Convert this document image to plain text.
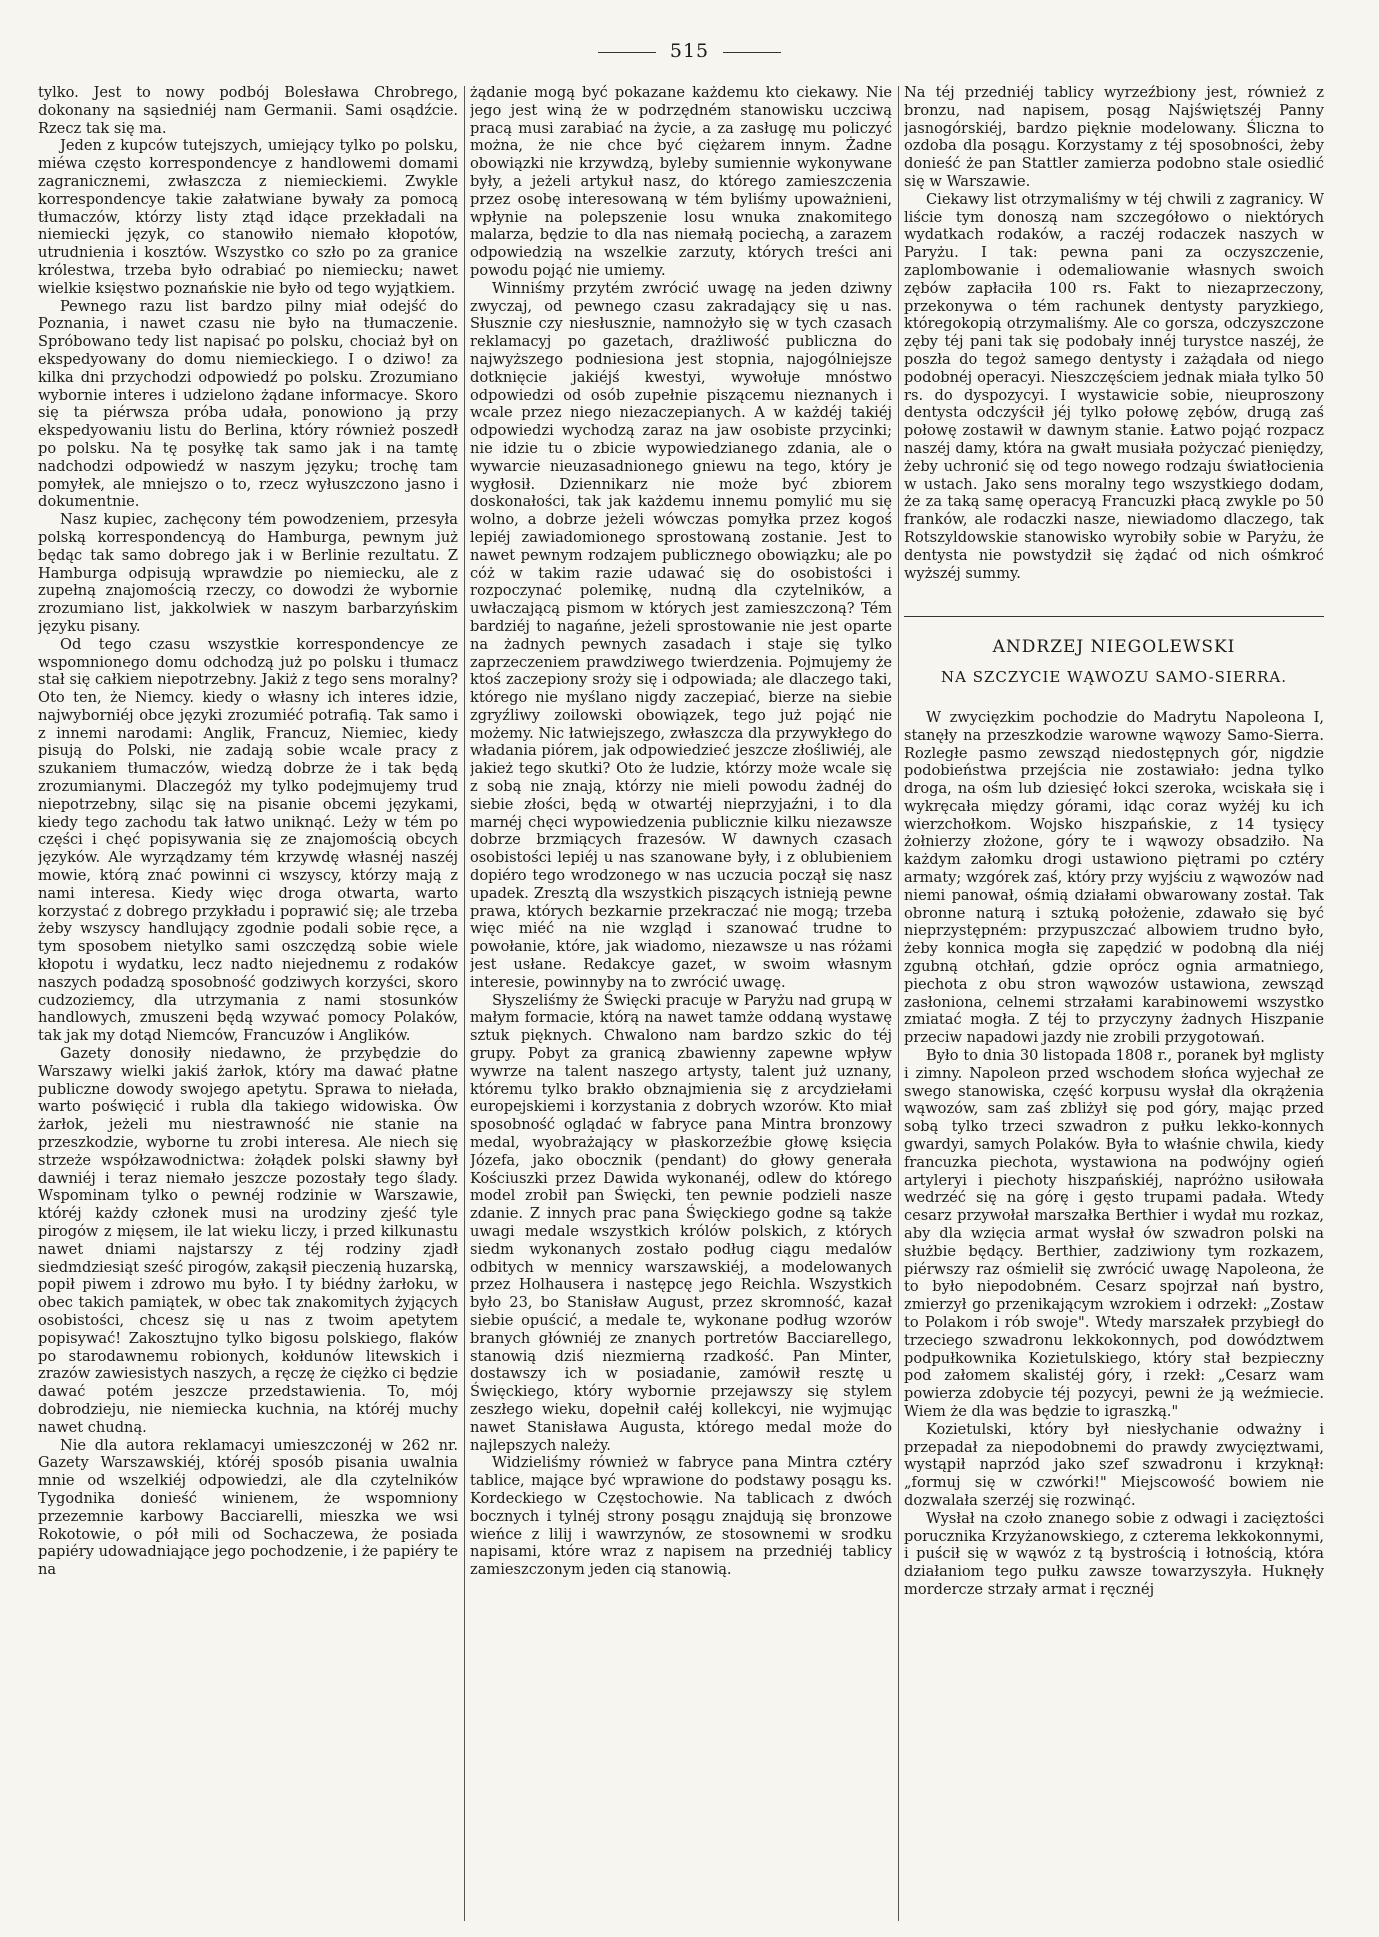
515

tylko. Jest to nowy podbój Bolesława Chrobrego, dokonany na sąsiedniéj nam Germanii. Sami osądźcie. Rzecz tak się ma.

Jeden z kupców tutejszych, umiejący tylko po polsku, miéwa często korrespondencye z handlowemi domami zagranicznemi, zwłaszcza z niemieckiemi. Zwykle korrespondencye takie załatwiane bywały za pomocą tłumaczów, którzy listy ztąd idące przekładali na niemiecki język, co stanowiło niemało kłopotów, utrudnienia i kosztów. Wszystko co szło po za granice królestwa, trzeba było odrabiać po niemiecku; nawet wielkie księstwo poznańskie nie było od tego wyjątkiem.

Pewnego razu list bardzo pilny miał odejść do Poznania, i nawet czasu nie było na tłumaczenie. Spróbowano tedy list napisać po polsku, chociaż był on ekspedyowany do domu niemieckiego. I o dziwo! za kilka dni przychodzi odpowiedź po polsku. Zrozumiano wybornie interes i udzielono żądane informacye. Skoro się ta piérwsza próba udała, ponowiono ją przy ekspedyowaniu listu do Berlina, który również poszedł po polsku. Na tę posyłkę tak samo jak i na tamtę nadchodzi odpowiedź w naszym języku; trochę tam pomyłek, ale mniejszo o to, rzecz wyłuszczono jasno i dokumentnie.

Nasz kupiec, zachęcony tém powodzeniem, przesyła polską korrespondencyą do Hamburga, pewnym już będąc tak samo dobrego jak i w Berlinie rezultatu. Z Hamburga odpisują wprawdzie po niemiecku, ale z zupełną znajomością rzeczy, co dowodzi że wybornie zrozumiano list, jakkolwiek w naszym barbarzyńskim języku pisany.

Od tego czasu wszystkie korrespondencye ze wspomnionego domu odchodzą już po polsku i tłumacz stał się całkiem niepotrzebny. Jakiż z tego sens moralny? Oto ten, że Niemcy. kiedy o własny ich interes idzie, najwyborniéj obce języki zrozumiéć potrafią. Tak samo i z innemi narodami: Anglik, Francuz, Niemiec, kiedy pisują do Polski, nie zadają sobie wcale pracy z szukaniem tłumaczów, wiedzą dobrze że i tak będą zrozumianymi. Dlaczegóż my tylko podejmujemy trud niepotrzebny, siląc się na pisanie obcemi językami, kiedy tego zachodu tak łatwo uniknąć. Leży w tém po części i chęć popisywania się ze znajomością obcych języków. Ale wyrządzamy tém krzywdę własnéj naszéj mowie, którą znać powinni ci wszyscy, którzy mają z nami interesa. Kiedy więc droga otwarta, warto korzystać z dobrego przykładu i poprawić się; ale trzeba żeby wszyscy handlujący zgodnie podali sobie ręce, a tym sposobem nietylko sami oszczędzą sobie wiele kłopotu i wydatku, lecz nadto niejednemu z rodaków naszych podadzą sposobność godziwych korzyści, skoro cudzoziemcy, dla utrzymania z nami stosunków handlowych, zmuszeni będą wzywać pomocy Polaków, tak jak my dotąd Niemców, Francuzów i Anglików.

Gazety donosiły niedawno, że przybędzie do Warszawy wielki jakiś żarłok, który ma dawać płatne publiczne dowody swojego apetytu. Sprawa to niełada, warto poświęcić i rubla dla takiego widowiska. Ów żarłok, jeżeli mu niestrawność nie stanie na przeszkodzie, wyborne tu zrobi interesa. Ale niech się strzeże współzawodnictwa: żołądek polski sławny był dawniéj i teraz niemało jeszcze pozostały tego ślady. Wspominam tylko o pewnéj rodzinie w Warszawie, któréj każdy członek musi na urodziny zjeść tyle pirogów z mięsem, ile lat wieku liczy, i przed kilkunastu nawet dniami najstarszy z téj rodziny zjadł siedmdziesiąt sześć pirogów, zakąsił pieczenią huzarską, popił piwem i zdrowo mu było. I ty biédny żarłoku, w obec takich pamiątek, w obec tak znakomitych żyjących osobistości, chcesz się u nas z twoim apetytem popisywać! Zakosztujno tylko bigosu polskiego, flaków po starodawnemu robionych, kołdunów litewskich i zrazów zawiesistych naszych, a ręczę że ciężko ci będzie dawać potém jeszcze przedstawienia. To, mój dobrodzieju, nie niemiecka kuchnia, na któréj muchy nawet chudną.

Nie dla autora reklamacyi umieszczonéj w 262 nr. Gazety Warszawskiéj, któréj sposób pisania uwalnia mnie od wszelkiéj odpowiedzi, ale dla czytelników Tygodnika donieść winienem, że wspomniony przezemnie karbowy Bacciarelli, mieszka we wsi Rokotowie, o pół mili od Sochaczewa, że posiada papiéry udowadniające jego pochodzenie, i że papiéry te na

żądanie mogą być pokazane każdemu kto ciekawy. Nie jego jest winą że w podrzędném stanowisku uczciwą pracą musi zarabiać na życie, a za zasługę mu policzyć można, że nie chce być ciężarem innym. Żadne obowiązki nie krzywdzą, byleby sumiennie wykonywane były, a jeżeli artykuł nasz, do którego zamieszczenia przez osobę interesowaną w tém byliśmy upoważnieni, wpłynie na polepszenie losu wnuka znakomitego malarza, będzie to dla nas niemałą pociechą, a zarazem odpowiedzią na wszelkie zarzuty, których treści ani powodu pojąć nie umiemy.

Winniśmy przytém zwrócić uwagę na jeden dziwny zwyczaj, od pewnego czasu zakradający się u nas. Słusznie czy niesłusznie, namnożyło się w tych czasach reklamacyj po gazetach, drażliwość publiczna do najwyższego podniesiona jest stopnia, najogólniejsze dotknięcie jakiéjś kwestyi, wywołuje mnóstwo odpowiedzi od osób zupełnie piszącemu nieznanych i wcale przez niego niezaczepianych. A w każdéj takiéj odpowiedzi wychodzą zaraz na jaw osobiste przycinki; nie idzie tu o zbicie wypowiedzianego zdania, ale o wywarcie nieuzasadnionego gniewu na tego, który je wygłosił. Dziennikarz nie może być zbiorem doskonałości, tak jak każdemu innemu pomylić mu się wolno, a dobrze jeżeli wówczas pomyłka przez kogoś lepiéj zawiadomionego sprostowaną zostanie. Jest to nawet pewnym rodzajem publicznego obowiązku; ale po cóż w takim razie udawać się do osobistości i rozpoczynać polemikę, nudną dla czytelników, a uwłaczającą pismom w których jest zamieszczoną? Tém bardziéj to nagańne, jeżeli sprostowanie nie jest oparte na żadnych pewnych zasadach i staje się tylko zaprzeczeniem prawdziwego twierdzenia. Pojmujemy że ktoś zaczepiony sroży się i odpowiada; ale dlaczego taki, którego nie myślano nigdy zaczepiać, bierze na siebie zgryźliwy zoilowski obowiązek, tego już pojąć nie możemy. Nic łatwiejszego, zwłaszcza dla przywykłego do władania piórem, jak odpowiedzieć jeszcze złośliwiéj, ale jakież tego skutki? Oto że ludzie, którzy może wcale się z sobą nie znają, którzy nie mieli powodu żadnéj do siebie złości, będą w otwartéj nieprzyjaźni, i to dla marnéj chęci wypowiedzenia publicznie kilku niezawsze dobrze brzmiących frazesów. W dawnych czasach osobistości lepiéj u nas szanowane były, i z oblubieniem dopiéro tego wrodzonego w nas uczucia począł się nasz upadek. Zresztą dla wszystkich piszących istnieją pewne prawa, których bezkarnie przekraczać nie mogą; trzeba więc miéć na nie wzgląd i szanować trudne to powołanie, które, jak wiadomo, niezawsze u nas różami jest usłane. Redakcye gazet, w swoim własnym interesie, powinnyby na to zwrócić uwagę.

Słyszeliśmy że Święcki pracuje w Paryżu nad grupą w małym formacie, którą na nawet tamże oddaną wystawę sztuk pięknych. Chwalono nam bardzo szkic do téj grupy. Pobyt za granicą zbawienny zapewne wpływ wywrze na talent naszego artysty, talent już uznany, któremu tylko brakło obznajmienia się z arcydziełami europejskiemi i korzystania z dobrych wzorów. Kto miał sposobność oglądać w fabryce pana Mintra bronzowy medal, wyobrażający w płaskorzeźbie głowę księcia Józefa, jako obocznik (pendant) do głowy generała Kościuszki przez Dawida wykonanéj, odlew do którego model zrobił pan Święcki, ten pewnie podzieli nasze zdanie. Z innych prac pana Święckiego godne są także uwagi medale wszystkich królów polskich, z których siedm wykonanych zostało podług ciągu medalów odbitych w mennicy warszawskiéj, a modelowanych przez Holhausera i następcę jego Reichla. Wszystkich było 23, bo Stanisław August, przez skromność, kazał siebie opuścić, a medale te, wykonane podług wzorów branych główniéj ze znanych portretów Bacciarellego, stanowią dziś niezmierną rzadkość. Pan Minter, dostawszy ich w posiadanie, zamówił resztę u Święckiego, który wybornie przejawszy się stylem zeszłego wieku, dopełnił całéj kollekcyi, nie wyjmując nawet Stanisława Augusta, którego medal może do najlepszych należy.

Widzieliśmy również w fabryce pana Mintra cztéry tablice, mające być wprawione do podstawy posągu ks. Kordeckiego w Częstochowie. Na tablicach z dwóch bocznych i tylnéj strony posągu znajdują się bronzowe wieńce z lilij i wawrzynów, ze stosownemi w srodku napisami, które wraz z napisem na przedniéj tablicy zamieszczonym jeden cią stanowią.

Na téj przedniéj tablicy wyrzeźbiony jest, również z bronzu, nad napisem, posąg Najświętszéj Panny jasnogórskiéj, bardzo pięknie modelowany. Śliczna to ozdoba dla posągu. Korzystamy z téj sposobności, żeby donieść że pan Stattler zamierza podobno stale osiedlić się w Warszawie.

Ciekawy list otrzymaliśmy w téj chwili z zagranicy. W liście tym donoszą nam szczegółowo o niektórych wydatkach rodaków, a raczéj rodaczek naszych w Paryżu. I tak: pewna pani za oczyszczenie, zaplombowanie i odemaliowanie własnych swoich zębów zapłaciła 100 rs. Fakt to niezaprzeczony, przekonywa o tém rachunek dentysty paryzkiego, któregokopią otrzymaliśmy. Ale co gorsza, odczyszczone zęby téj pani tak się podobały innéj turystce naszéj, że poszła do tegoż samego dentysty i zażądała od niego podobnéj operacyi. Nieszczęściem jednak miała tylko 50 rs. do dyspozycyi. I wystawicie sobie, nieuproszony dentysta odczyścił jéj tylko połowę zębów, drugą zaś połowę zostawił w dawnym stanie. Łatwo pojąć rozpacz naszéj damy, która na gwałt musiała pożyczać pieniędzy, żeby uchronić się od tego nowego rodzaju światłocienia w ustach. Jako sens moralny tego wszystkiego dodam, że za taką samę operacyą Francuzki płacą zwykle po 50 franków, ale rodaczki nasze, niewiadomo dlaczego, tak Rotszyldowskie stanowisko wyrobiły sobie w Paryżu, że dentysta nie powstydził się żądać od nich ośmkroć wyższéj summy.

ANDRZEJ NIEGOLEWSKI

NA SZCZYCIE WĄWOZU SAMO-SIERRA.

W zwycięzkim pochodzie do Madrytu Napoleona I, stanęły na przeszkodzie warowne wąwozy Samo-Sierra. Rozległe pasmo zewsząd niedostępnych gór, nigdzie podobieństwa przejścia nie zostawiało: jedna tylko droga, na ośm lub dziesięć łokci szeroka, wciskała się i wykręcała między górami, idąc coraz wyżéj ku ich wierzchołkom. Wojsko hiszpańskie, z 14 tysięcy żołnierzy złożone, góry te i wąwozy obsadziło. Na każdym załomku drogi ustawiono piętrami po cztéry armaty; wzgórek zaś, który przy wyjściu z wąwozów nad niemi panował, ośmią działami obwarowany został. Tak obronne naturą i sztuką położenie, zdawało się być nieprzystępném: przypuszczać albowiem trudno było, żeby konnica mogła się zapędzić w podobną dla niéj zgubną otchłań, gdzie oprócz ognia armatniego, piechota z obu stron wąwozów ustawiona, zewsząd zasłoniona, celnemi strzałami karabinowemi wszystko zmiatać mogła. Z téj to przyczyny żadnych Hiszpanie przeciw napadowi jazdy nie zrobili przygotowań.

Było to dnia 30 listopada 1808 r., poranek był mglisty i zimny. Napoleon przed wschodem słońca wyjechał ze swego stanowiska, część korpusu wysłał dla okrążenia wąwozów, sam zaś zbliżył się pod góry, mając przed sobą tylko trzeci szwadron z pułku lekko-konnych gwardyi, samych Polaków. Była to właśnie chwila, kiedy francuzka piechota, wystawiona na podwójny ogień artyleryi i piechoty hiszpańskiéj, napróżno usiłowała wedrzéć się na górę i gęsto trupami padała. Wtedy cesarz przywołał marszałka Berthier i wydał mu rozkaz, aby dla wzięcia armat wysłał ów szwadron polski na służbie będący. Berthier, zadziwiony tym rozkazem, piérwszy raz ośmielił się zwrócić uwagę Napoleona, że to było niepodobném. Cesarz spojrzał nań bystro, zmierzył go przenikającym wzrokiem i odrzekł: „Zostaw to Polakom i rób swoje". Wtedy marszałek przybiegł do trzeciego szwadronu lekkokonnych, pod dowództwem podpułkownika Kozietulskiego, który stał bezpieczny pod załomem skalistéj góry, i rzekł: „Cesarz wam powierza zdobycie téj pozycyi, pewni że ją weźmiecie. Wiem że dla was będzie to igraszką."

Kozietulski, który był niesłychanie odważny i przepadał za niepodobnemi do prawdy zwycięztwami, wystąpił naprzód jako szef szwadronu i krzyknął: „formuj się w czwórki!" Miejscowość bowiem nie dozwalała szerzéj się rozwinąć.

Wysłał na czoło znanego sobie z odwagi i zacięztości porucznika Krzyżanowskiego, z czterema lekkokonnymi, i puścił się w wąwóz z tą bystrością i łotnością, która działaniom tego pułku zawsze towarzyszyła. Huknęły mordercze strzały armat i ręcznéj
